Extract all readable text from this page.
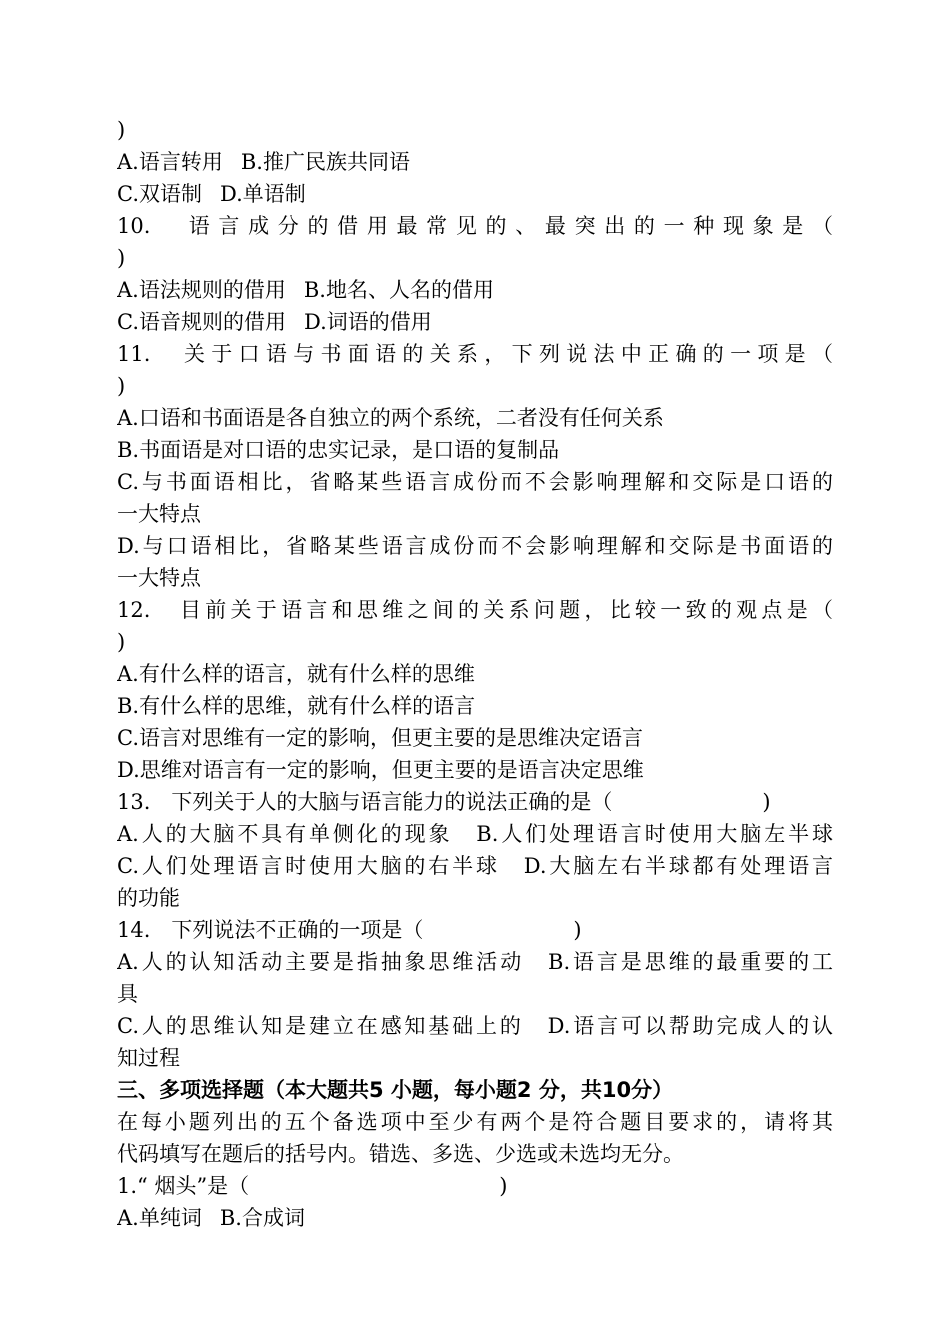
)
A.语言转用 B.推广民族共同语
C.双语制 D.单语制
10.　语言成分的借用最常见的、最突出的一种现象是（
)
A.语法规则的借用 B.地名、人名的借用
C.语音规则的借用 D.词语的借用
11.　关于口语与书面语的关系，下列说法中正确的一项是（
)
A.口语和书面语是各自独立的两个系统，二者没有任何关系
B.书面语是对口语的忠实记录，是口语的复制品
C.与书面语相比，省略某些语言成份而不会影响理解和交际是口语的
一大特点
D.与口语相比，省略某些语言成份而不会影响理解和交际是书面语的
一大特点
12.　目前关于语言和思维之间的关系问题，比较一致的观点是（
)
A.有什么样的语言，就有什么样的思维
B.有什么样的思维，就有什么样的语言
C.语言对思维有一定的影响，但更主要的是思维决定语言
D.思维对语言有一定的影响，但更主要的是语言决定思维
13.　下列关于人的大脑与语言能力的说法正确的是（	)
A.人的大脑不具有单侧化的现象　B.人们处理语言时使用大脑左半球
C.人们处理语言时使用大脑的右半球　D.大脑左右半球都有处理语言
的功能
14.　下列说法不正确的一项是（	)
A.人的认知活动主要是指抽象思维活动　B.语言是思维的最重要的工
具
C.人的思维认知是建立在感知基础上的　D.语言可以帮助完成人的认
知过程
三、多项选择题（本大题共5 小题，每小题2 分，共10分）
在每小题列出的五个备选项中至少有两个是符合题目要求的，请将其
代码填写在题后的括号内。错选、多选、少选或未选均无分。
1.“ 烟头”是（	)
A.单纯词 B.合成词
